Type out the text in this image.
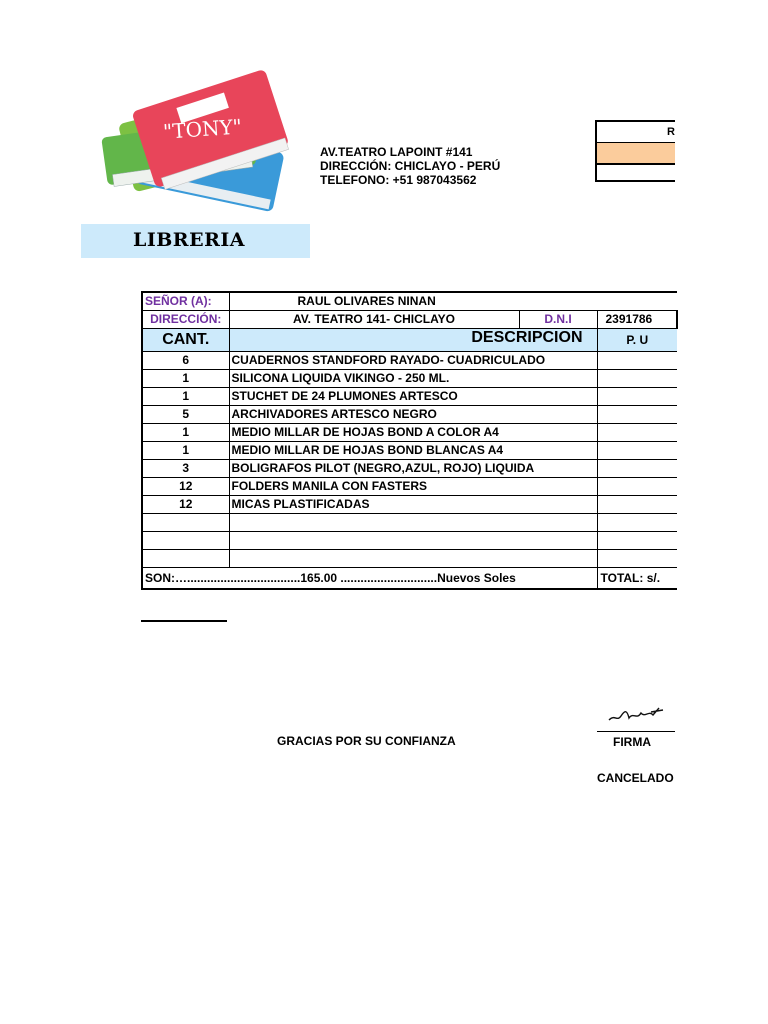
"TONY"
LIBRERIA
AV.TEATRO LAPOINT #141
DIRECCIÓN: CHICLAYO - PERÚ
TELEFONO: +51 987043562
R
SEÑOR (A):	RAUL OLIVARES NINAN		
DIRECCIÓN:	AV. TEATRO 141- CHICLAYO	D.N.I	2391786
CANT.	DESCRIPCION		P. U
6	CUADERNOS STANDFORD RAYADO- CUADRICULADO		
1	SILICONA LIQUIDA VIKINGO - 250 ML.		
1	STUCHET DE 24 PLUMONES ARTESCO		
5	ARCHIVADORES ARTESCO NEGRO		
1	MEDIO MILLAR DE HOJAS BOND A COLOR A4		
1	MEDIO MILLAR DE HOJAS BOND BLANCAS A4		
3	BOLIGRAFOS PILOT (NEGRO,AZUL, ROJO) LIQUIDA		
12	FOLDERS MANILA CON FASTERS		
12	MICAS PLASTIFICADAS		

SON:…..................................165.00 .............................Nuevos Soles			TOTAL: s/.
GRACIAS POR SU CONFIANZA	FIRMA
CANCELADO
